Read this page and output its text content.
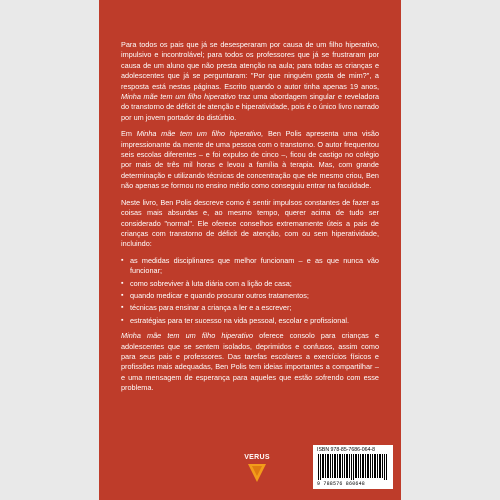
Para todos os pais que já se desesperaram por causa de um filho hiperativo, impulsivo e incontrolável; para todos os professores que já se frustraram por causa de um aluno que não presta atenção na aula; para todas as crianças e adolescentes que já se perguntaram: "Por que ninguém gosta de mim?", a resposta está nestas páginas. Escrito quando o autor tinha apenas 19 anos, Minha mãe tem um filho hiperativo traz uma abordagem singular e reveladora do transtorno de déficit de atenção e hiperatividade, pois é o único livro narrado por um jovem portador do distúrbio.

Em Minha mãe tem um filho hiperativo, Ben Polis apresenta uma visão impressionante da mente de uma pessoa com o transtorno. O autor frequentou seis escolas diferentes – e foi expulso de cinco –, ficou de castigo no colégio por mais de três mil horas e levou a família à terapia. Mas, com grande determinação e utilizando técnicas de concentração que ele mesmo criou, Ben não apenas se formou no ensino médio como conseguiu entrar na faculdade.

Neste livro, Ben Polis descreve como é sentir impulsos constantes de fazer as coisas mais absurdas e, ao mesmo tempo, querer acima de tudo ser considerado "normal". Ele oferece conselhos extremamente úteis a pais de crianças com transtorno de déficit de atenção, com ou sem hiperatividade, incluindo:

▪ as medidas disciplinares que melhor funcionam – e as que nunca vão funcionar;
▪ como sobreviver à luta diária com a lição de casa;
▪ quando medicar e quando procurar outros tratamentos;
▪ técnicas para ensinar a criança a ler e a escrever;
▪ estratégias para ter sucesso na vida pessoal, escolar e profissional.

Minha mãe tem um filho hiperativo oferece consolo para crianças e adolescentes que se sentem isolados, deprimidos e confusos, assim como para seus pais e professores. Das tarefas escolares a exercícios físicos e profissões mais adequadas, Ben Polis tem ideias importantes a compartilhar – e uma mensagem de esperança para aqueles que estão sofrendo com esse problema.

VERUS
ISBN 978-85-7686-064-8
9 788576 860648
